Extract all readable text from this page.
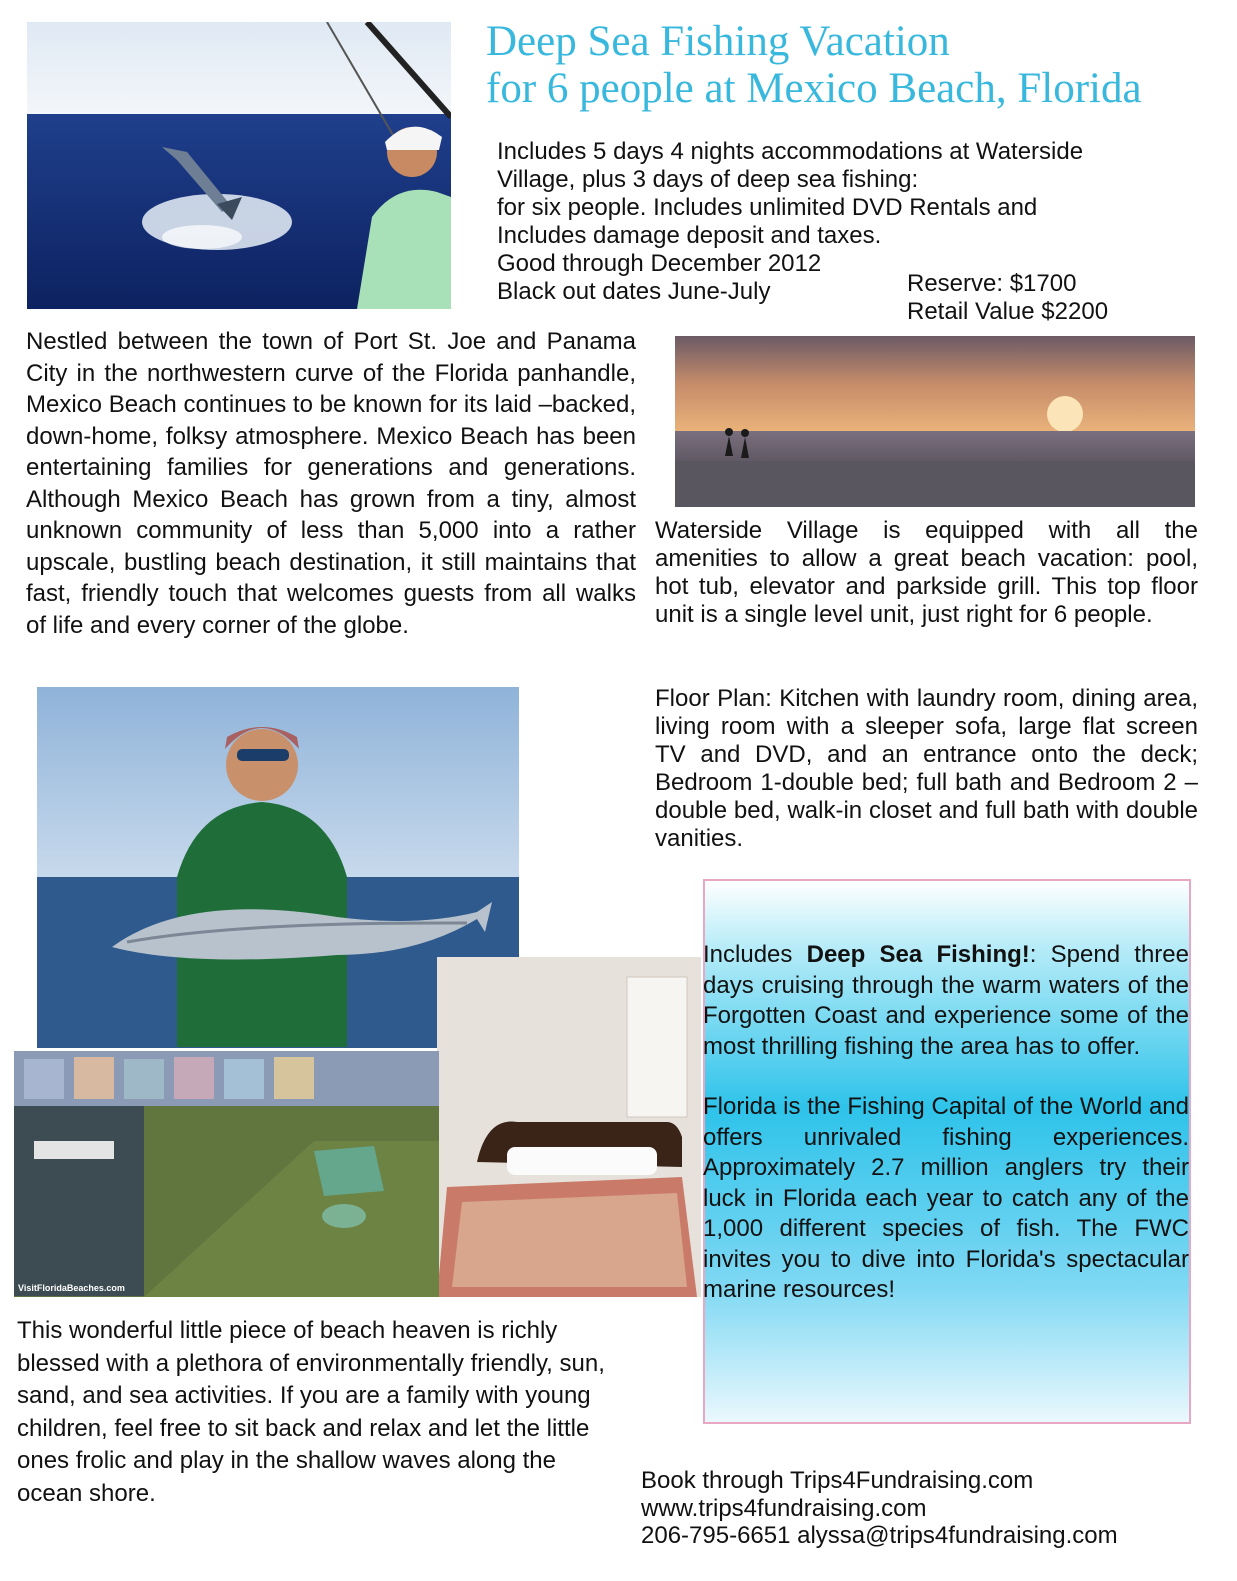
Deep Sea Fishing Vacation
for 6 people at Mexico Beach, Florida
Includes 5 days 4 nights accommodations at Waterside
Village, plus 3 days of deep sea fishing:
for six people. Includes unlimited DVD Rentals and
Includes damage deposit and taxes.
Good through December 2012
Black out dates June-July	Reserve: $1700
Retail Value $2200
Nestled between the town of Port St. Joe and Panama City in the northwestern curve of the Florida panhandle, Mexico Beach continues to be known for its laid –backed, down-home, folksy atmosphere. Mexico Beach has been entertaining families for generations and generations. Although Mexico Beach has grown from a tiny, almost unknown community of less than 5,000 into a rather upscale, bustling beach destination, it still maintains that fast, friendly touch that welcomes guests from all walks of life and every corner of the globe.
Waterside Village is equipped with all the amenities to allow a great beach vacation: pool, hot tub, elevator and parkside grill. This top floor unit is a single level unit, just right for 6 people.
Floor Plan: Kitchen with laundry room, dining area, living room with a sleeper sofa, large flat screen TV and DVD, and an entrance onto the deck; Bedroom 1-double bed; full bath and Bedroom 2 – double bed, walk-in closet and full bath with double vanities.
VisitFloridaBeaches.com
Includes Deep Sea Fishing!: Spend three days cruising through the warm waters of the Forgotten Coast and experience some of the most thrilling fishing the area has to offer.
Florida is the Fishing Capital of the World and offers unrivaled fishing experiences. Approximately 2.7 million anglers try their luck in Florida each year to catch any of the 1,000 different species of fish. The FWC invites you to dive into Florida's spectacular marine resources!
This wonderful little piece of beach heaven is richly blessed with a plethora of environmentally friendly, sun, sand, and sea activities. If you are a family with young children, feel free to sit back and relax and let the little ones frolic and play in the shallow waves along the ocean shore.	Book through Trips4Fundraising.com
www.trips4fundraising.com
206-795-6651 alyssa@trips4fundraising.com
